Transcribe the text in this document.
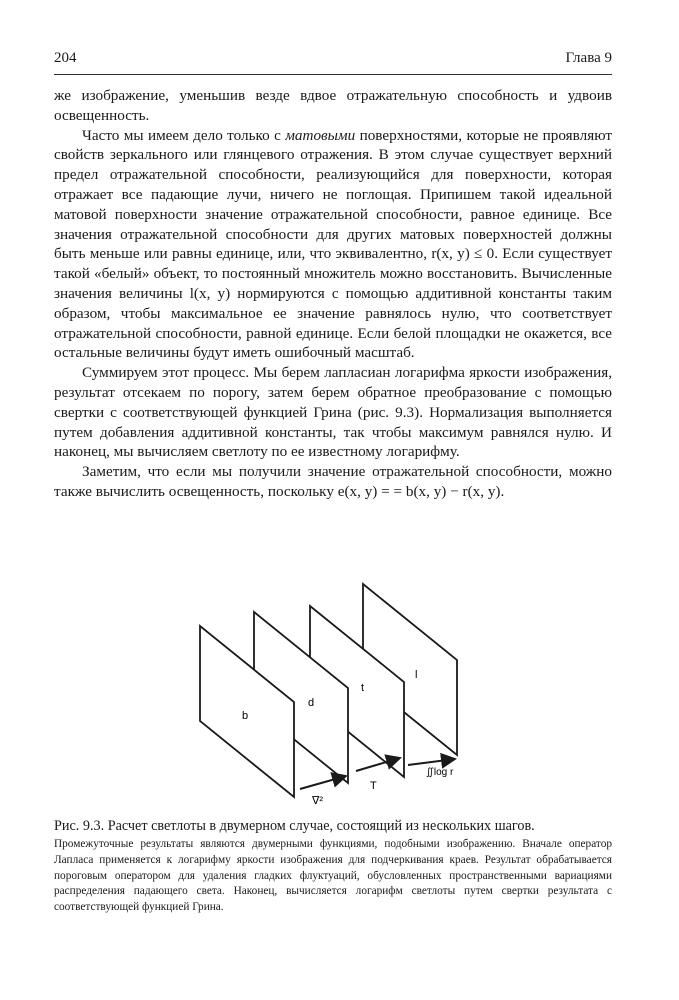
204	Глава 9

же изображение, уменьшив везде вдвое отражательную способность и удвоив освещенность.

Часто мы имеем дело только с матовыми поверхностями, которые не проявляют свойств зеркального или глянцевого отражения. В этом случае существует верхний предел отражательной способности, реализующийся для поверхности, которая отражает все падающие лучи, ничего не поглощая. Припишем такой идеальной матовой поверхности значение отражательной способности, равное единице. Все значения отражательной способности для других матовых поверхностей должны быть меньше или равны единице, или, что эквивалентно, r(x, y) ≤ 0. Если существует такой «белый» объект, то постоянный множитель можно восстановить. Вычисленные значения величины l(x, y) нормируются с помощью аддитивной константы таким образом, чтобы максимальное ее значение равнялось нулю, что соответствует отражательной способности, равной единице. Если белой площадки не окажется, все остальные величины будут иметь ошибочный масштаб.

Суммируем этот процесс. Мы берем лапласиан логарифма яркости изображения, результат отсекаем по порогу, затем берем обратное преобразование с помощью свертки с соответствующей функцией Грина (рис. 9.3). Нормализация выполняется путем добавления аддитивной константы, так чтобы максимум равнялся нулю. И наконец, мы вычисляем светлоту по ее известному логарифму.

Заметим, что если мы получили значение отражательной способности, можно также вычислить освещенность, поскольку e(x, y) = = b(x, y) − r(x, y).

b
d
t
l
∇²
T
∬log r
Рис. 9.3. Расчет светлоты в двумерном случае, состоящий из нескольких шагов.
Промежуточные результаты являются двумерными функциями, подобными изображению. Вначале оператор Лапласа применяется к логарифму яркости изображения для подчеркивания краев. Результат обрабатывается пороговым оператором для удаления гладких флуктуаций, обусловленных пространственными вариациями распределения падающего света. Наконец, вычисляется логарифм светлоты путем свертки результата с соответствующей функцией Грина.
